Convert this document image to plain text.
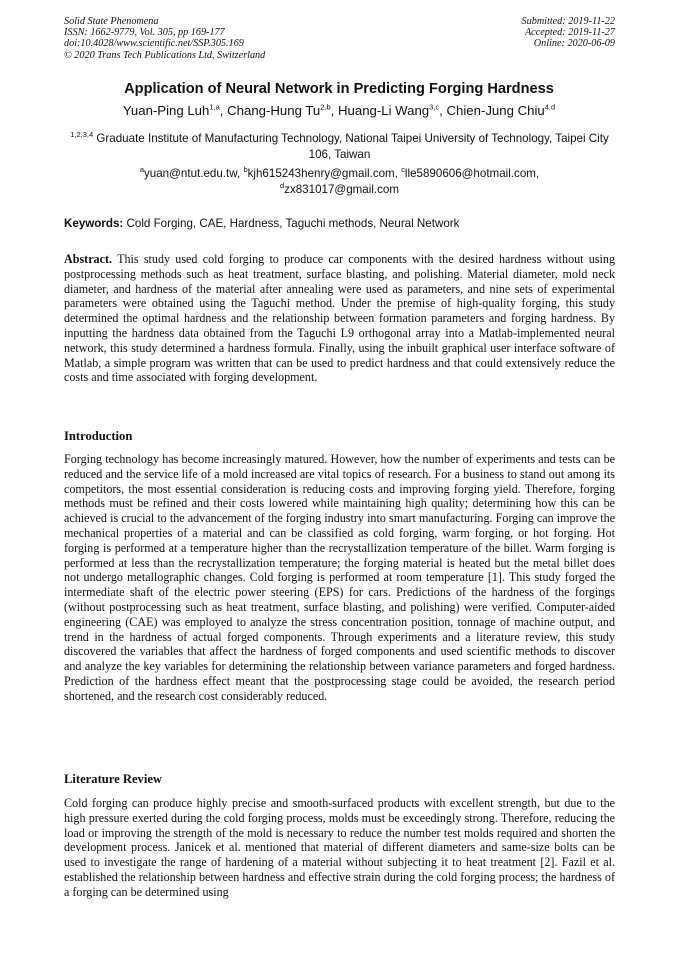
Solid State Phenomena
ISSN: 1662-9779, Vol. 305, pp 169-177
doi:10.4028/www.scientific.net/SSP.305.169
© 2020 Trans Tech Publications Ltd, Switzerland
Submitted: 2019-11-22
Accepted: 2019-11-27
Online: 2020-06-09
Application of Neural Network in Predicting Forging Hardness
Yuan-Ping Luh$^{1,a}$, Chang-Hung Tu$^{2,b}$, Huang-Li Wang$^{3,c}$, Chien-Jung Chiu$^{4,d}$
$^{1,2,3,4}$ Graduate Institute of Manufacturing Technology, National Taipei University of Technology, Taipei City 106, Taiwan
$^a$yuan@ntut.edu.tw, $^b$kjh615243henry@gmail.com, $^c$lle5890606@hotmail.com,
$^d$zx831017@gmail.com
Keywords: Cold Forging, CAE, Hardness, Taguchi methods, Neural Network
Abstract. This study used cold forging to produce car components with the desired hardness without using postprocessing methods such as heat treatment, surface blasting, and polishing. Material diameter, mold neck diameter, and hardness of the material after annealing were used as parameters, and nine sets of experimental parameters were obtained using the Taguchi method. Under the premise of high-quality forging, this study determined the optimal hardness and the relationship between formation parameters and forging hardness. By inputting the hardness data obtained from the Taguchi L9 orthogonal array into a Matlab-implemented neural network, this study determined a hardness formula. Finally, using the inbuilt graphical user interface software of Matlab, a simple program was written that can be used to predict hardness and that could extensively reduce the costs and time associated with forging development.
Introduction
Forging technology has become increasingly matured. However, how the number of experiments and tests can be reduced and the service life of a mold increased are vital topics of research. For a business to stand out among its competitors, the most essential consideration is reducing costs and improving forging yield. Therefore, forging methods must be refined and their costs lowered while maintaining high quality; determining how this can be achieved is crucial to the advancement of the forging industry into smart manufacturing. Forging can improve the mechanical properties of a material and can be classified as cold forging, warm forging, or hot forging. Hot forging is performed at a temperature higher than the recrystallization temperature of the billet. Warm forging is performed at less than the recrystallization temperature; the forging material is heated but the metal billet does not undergo metallographic changes. Cold forging is performed at room temperature [1]. This study forged the intermediate shaft of the electric power steering (EPS) for cars. Predictions of the hardness of the forgings (without postprocessing such as heat treatment, surface blasting, and polishing) were verified. Computer-aided engineering (CAE) was employed to analyze the stress concentration position, tonnage of machine output, and trend in the hardness of actual forged components. Through experiments and a literature review, this study discovered the variables that affect the hardness of forged components and used scientific methods to discover and analyze the key variables for determining the relationship between variance parameters and forged hardness. Prediction of the hardness effect meant that the postprocessing stage could be avoided, the research period shortened, and the research cost considerably reduced.
Literature Review
Cold forging can produce highly precise and smooth-surfaced products with excellent strength, but due to the high pressure exerted during the cold forging process, molds must be exceedingly strong. Therefore, reducing the load or improving the strength of the mold is necessary to reduce the number test molds required and shorten the development process. Janicek et al. mentioned that material of different diameters and same-size bolts can be used to investigate the range of hardening of a material without subjecting it to heat treatment [2]. Fazil et al. established the relationship between hardness and effective strain during the cold forging process; the hardness of a forging can be determined using
